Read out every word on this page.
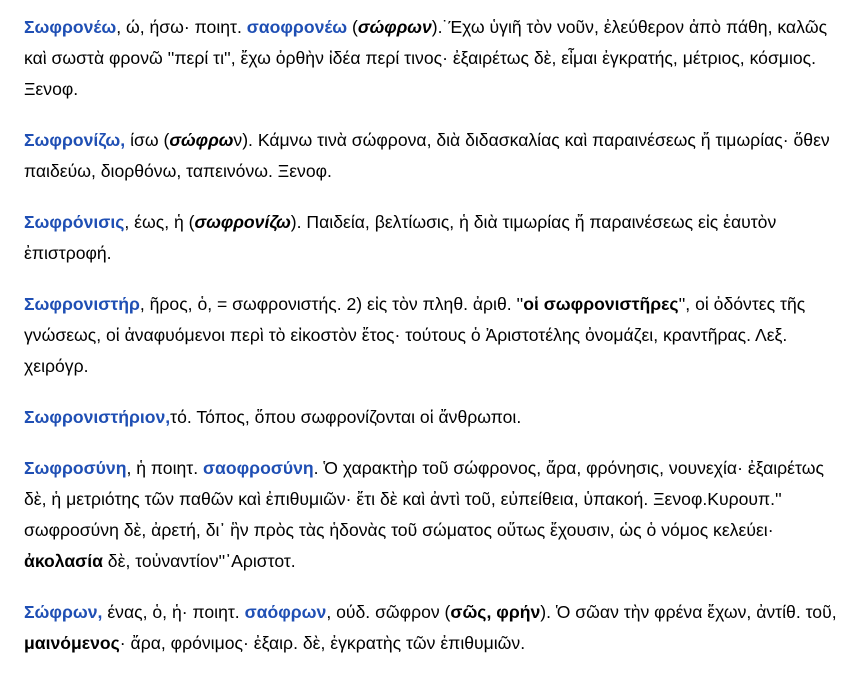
Σωφρονέω, ώ, ήσω· ποιητ. σαοφρονέω (σώφρων).˙Έχω ὑγιῆ τὸν νοῦν, ἐλεύθερον ἀπὸ πάθη, καλῶς καὶ σωστὰ φρονῶ ''περί τι'', ἔχω ὀρθὴν ἰδέα περί τινος· ἐξαιρέτως δὲ, εἶμαι ἐγκρατής, μέτριος, κόσμιος. Ξενοφ.
Σωφρονίζω, ίσω (σώφρων). Κάμνω τινὰ σώφρονα, διὰ διδασκαλίας καὶ παραινέσεως ἤ τιμωρίας· ὅθεν παιδεύω, διορθόνω, ταπεινόνω. Ξενοφ.
Σωφρόνισις, έως, ἡ (σωφρονίζω). Παιδεία, βελτίωσις, ἡ διὰ τιμωρίας ἤ παραινέσεως εἰς ἑαυτὸν ἐπιστροφή.
Σωφρονιστήρ, ῆρος, ὁ, = σωφρονιστής. 2) εἰς τὸν πληθ. ἀριθ. ''οἱ σωφρονιστῆρες'', οἱ ὀδόντες τῆς γνώσεως, οἱ ἀναφυόμενοι περὶ τὸ εἰκοστὸν ἔτος· τούτους ὁ Ἀριστοτέλης ὀνομάζει, κραντῆρας. Λεξ. χειρόγρ.
Σωφρονιστήριον,τό. Τόπος, ὅπου σωφρονίζονται οἱ ἄνθρωποι.
Σωφροσύνη, ἡ ποιητ. σαοφροσύνη. Ὁ χαρακτὴρ τοῦ σώφρονος, ἄρα, φρόνησις, νουνεχία· ἐξαιρέτως δὲ, ἡ μετριότης τῶν παθῶν καὶ ἐπιθυμιῶν· ἔτι δὲ καὶ ἀντὶ τοῦ, εὐπείθεια, ὑπακοή. Ξενοφ.Κυρουπ.'' σωφροσύνη δὲ, ἀρετή, δι᾽ ἣν πρὸς τὰς ἡδονὰς τοῦ σώματος οὕτως ἔχουσιν, ὡς ὁ νόμος κελεύει· ἀκολασία δὲ, τοὐναντίον''᾽Αριστοτ.
Σώφρων, ένας, ὁ, ἡ· ποιητ. σαόφρων, ούδ. σῶφρον (σῶς, φρήν). Ὁ σῶαν τὴν φρένα ἔχων, ἀντίθ. τοῦ, μαινόμενος· ἄρα, φρόνιμος· ἐξαιρ. δὲ, ἐγκρατὴς τῶν ἐπιθυμιῶν.
